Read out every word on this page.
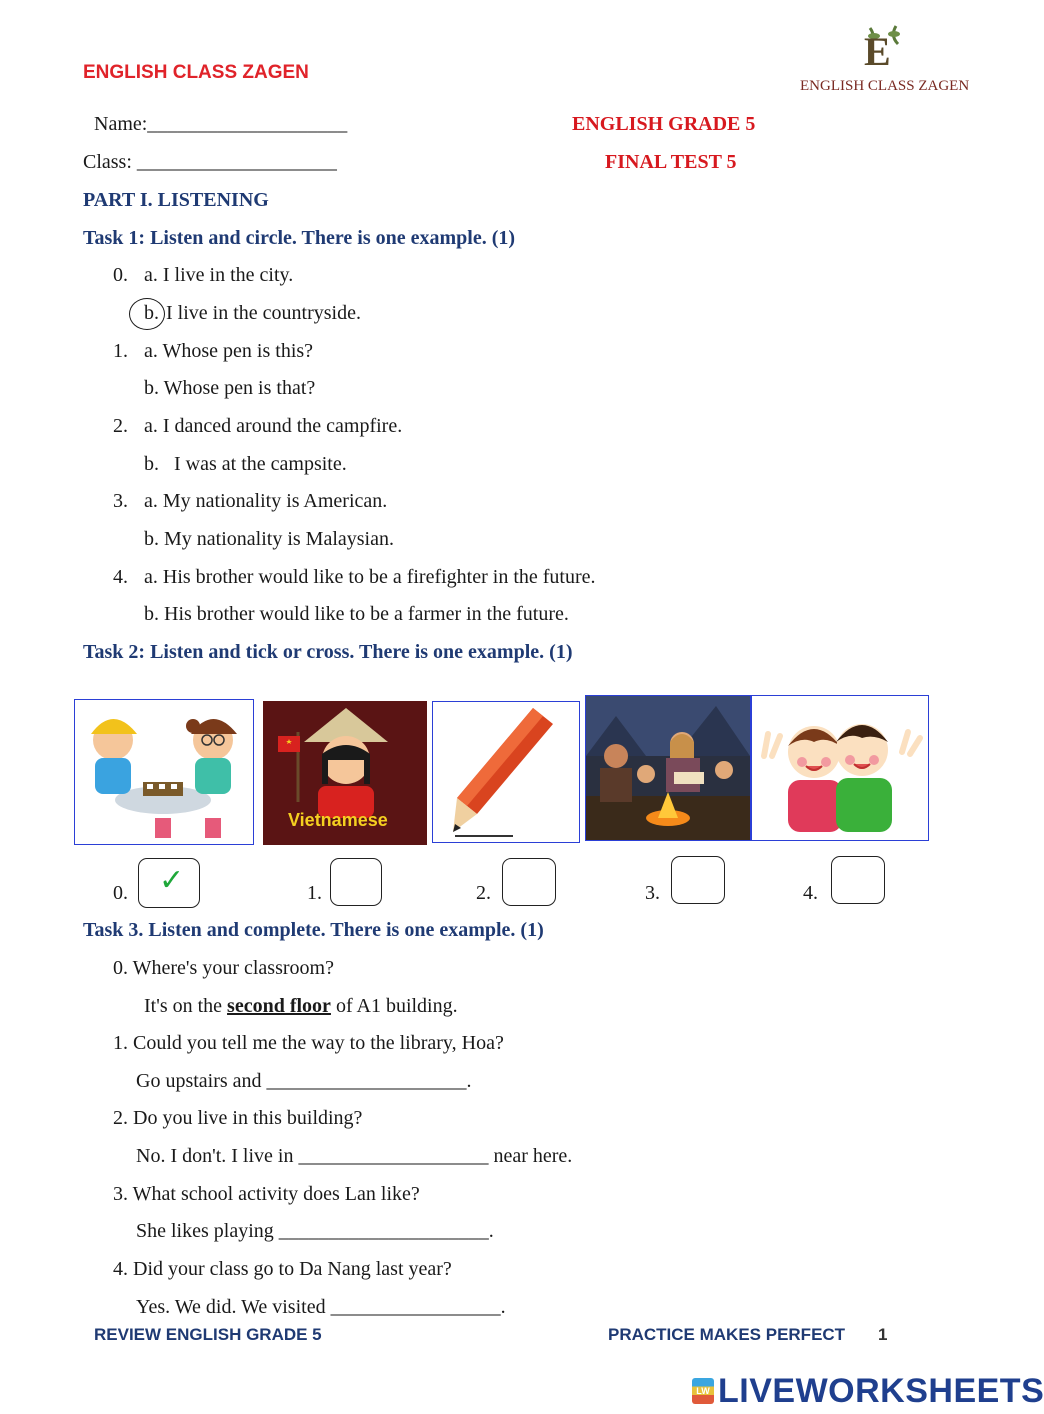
ENGLISH CLASS ZAGEN	E
ENGLISH CLASS ZAGEN
Name:____________________	ENGLISH GRADE 5
Class: ____________________	FINAL TEST 5
PART I. LISTENING
Task 1: Listen and circle. There is one example. (1)
0. a. I live in the city.
b. I live in the countryside.
1. a. Whose pen is this?
b. Whose pen is that?
2. a. I danced around the campfire.
b.   I was at the campsite.
3. a. My nationality is American.
b. My nationality is Malaysian.
4. a. His brother would like to be a firefighter in the future.
b. His brother would like to be a farmer in the future.
Task 2: Listen and tick or cross. There is one example. (1)
Vietnamese
0. ✓	1.	2.	3.	4.
Task 3. Listen and complete. There is one example. (1)
0. Where's your classroom?
It's on the second floor of A1 building.
1. Could you tell me the way to the library, Hoa?
Go upstairs and ____________________.
2. Do you live in this building?
No. I don't. I live in ___________________ near here.
3. What school activity does Lan like?
She likes playing _____________________.
4. Did your class go to Da Nang last year?
Yes. We did. We visited _________________.
REVIEW ENGLISH GRADE 5	PRACTICE MAKES PERFECT 1
LW LIVEWORKSHEETS
